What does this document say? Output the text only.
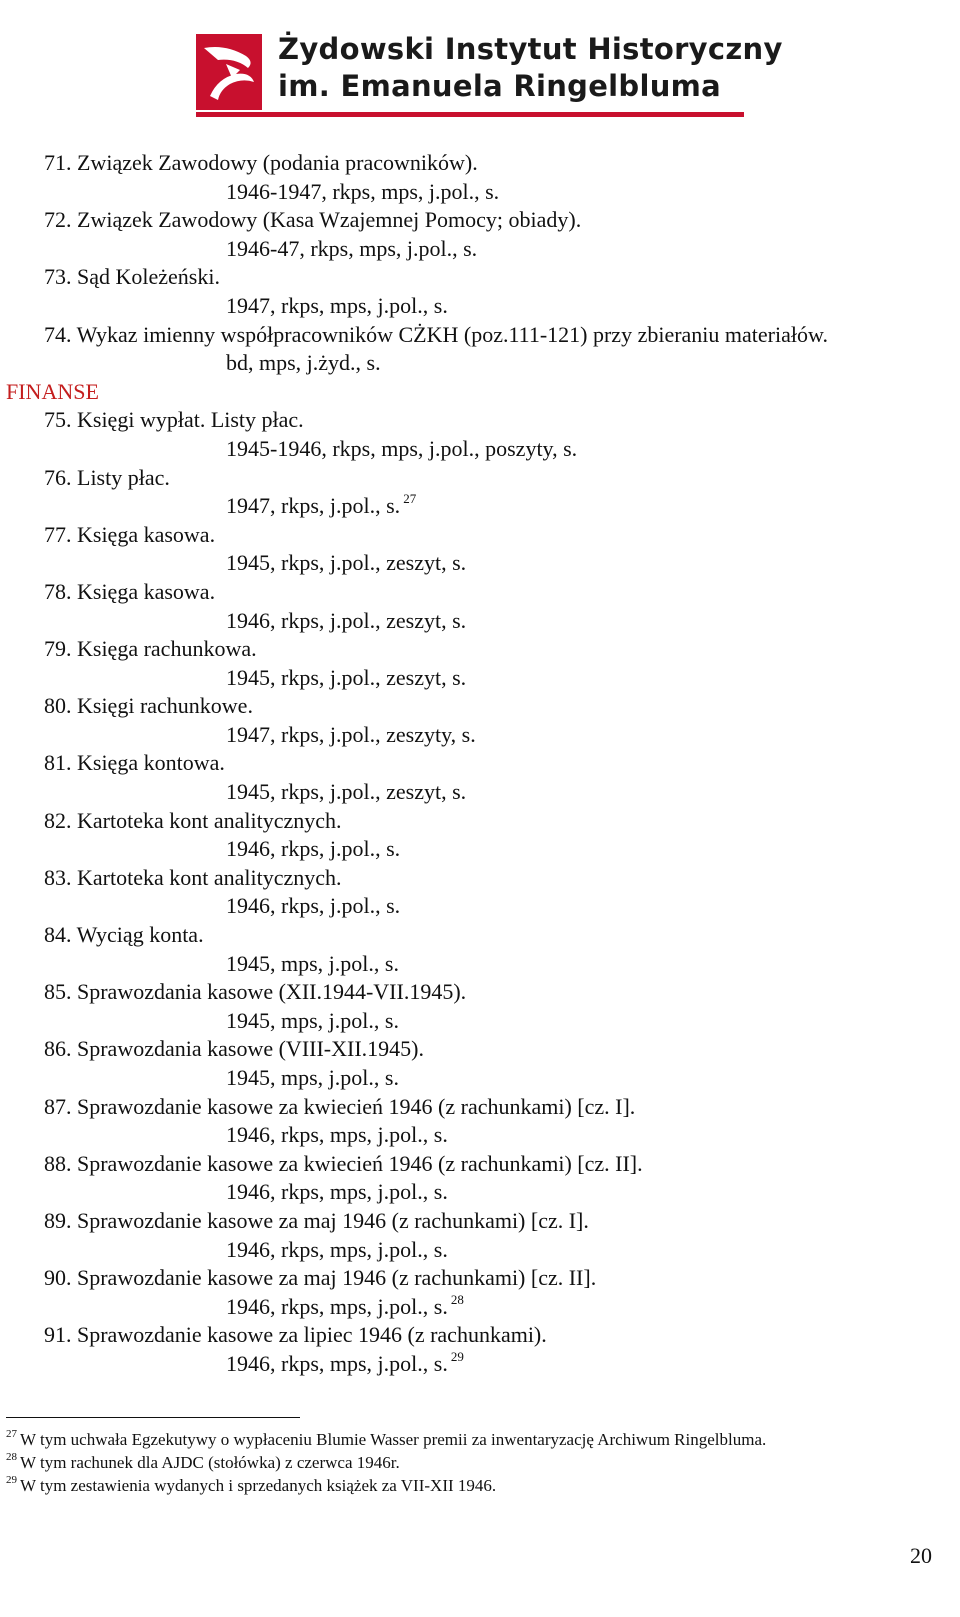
Żydowski Instytut Historyczny
im. Emanuela Ringelbluma
71. Związek Zawodowy (podania pracowników).
1946-1947, rkps, mps, j.pol., s.
72. Związek Zawodowy (Kasa Wzajemnej Pomocy; obiady).
1946-47, rkps, mps, j.pol., s.
73. Sąd Koleżeński.
1947, rkps, mps, j.pol., s.
74. Wykaz imienny współpracowników CŻKH (poz.111-121) przy zbieraniu materiałów.
bd, mps, j.żyd., s.
FINANSE
75. Księgi wypłat. Listy płac.
1945-1946, rkps, mps, j.pol., poszyty, s.
76. Listy płac.
1947, rkps, j.pol., s. $^{27}$
77. Księga kasowa.
1945, rkps, j.pol., zeszyt, s.
78. Księga kasowa.
1946, rkps, j.pol., zeszyt, s.
79. Księga rachunkowa.
1945, rkps, j.pol., zeszyt, s.
80. Księgi rachunkowe.
1947, rkps, j.pol., zeszyty, s.
81. Księga kontowa.
1945, rkps, j.pol., zeszyt, s.
82. Kartoteka kont analitycznych.
1946, rkps, j.pol., s.
83. Kartoteka kont analitycznych.
1946, rkps, j.pol., s.
84. Wyciąg konta.
1945, mps, j.pol., s.
85. Sprawozdania kasowe (XII.1944-VII.1945).
1945, mps, j.pol., s.
86. Sprawozdania kasowe (VIII-XII.1945).
1945, mps, j.pol., s.
87. Sprawozdanie kasowe za kwiecień 1946 (z rachunkami) [cz. I].
1946, rkps, mps, j.pol., s.
88. Sprawozdanie kasowe za kwiecień 1946 (z rachunkami) [cz. II].
1946, rkps, mps, j.pol., s.
89. Sprawozdanie kasowe za maj 1946 (z rachunkami) [cz. I].
1946, rkps, mps, j.pol., s.
90. Sprawozdanie kasowe za maj 1946 (z rachunkami) [cz. II].
1946, rkps, mps, j.pol., s. $^{28}$
91. Sprawozdanie kasowe za lipiec 1946 (z rachunkami).
1946, rkps, mps, j.pol., s. $^{29}$
$^{27}$ W tym uchwała Egzekutywy o wypłaceniu Blumie Wasser premii za inwentaryzację Archiwum Ringelbluma.
$^{28}$ W tym rachunek dla AJDC (stołówka) z czerwca 1946r.
$^{29}$ W tym zestawienia wydanych i sprzedanych książek za VII-XII 1946.
20
